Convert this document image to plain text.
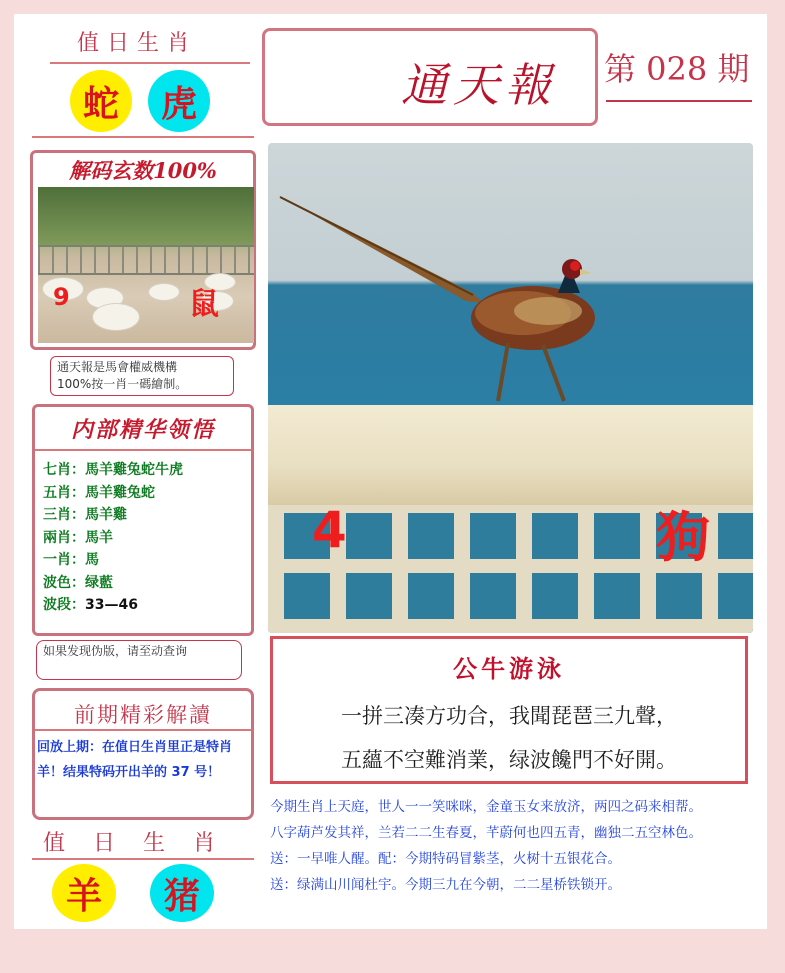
值日生肖
蛇	虎
解码玄数100%
9	鼠
通天報是馬會權威機構
100%按一肖一碼繪制。
内部精华领悟
七肖：馬羊雞兔蛇牛虎
五肖：馬羊雞兔蛇
三肖：馬羊雞
兩肖：馬羊
一肖：馬
波色：绿藍
波段：33—46
如果发现伪版，请至动查询
前期精彩解讀
回放上期：在值日生肖里正是特肖羊！结果特码开出羊的 37 号！
值日生肖
羊	猪
通天報 第 028 期
4	狗
公牛游泳
一拼三凑方功合，我聞琵琶三九聲，
五蘊不空難消業，绿波饞門不好開。
今期生肖上天庭，世人一一笑咪咪，金童玉女来放济，两四之码来相帮。
八字葫芦发其祥，兰若二二生春夏，芊蔚何也四五青，幽独二五空林色。
送：一早唯人醒。配：今期特码冒紫茎，火树十五银花合。
送：绿满山川闻杜宇。今期三九在今朝，二二星桥铁锁开。
